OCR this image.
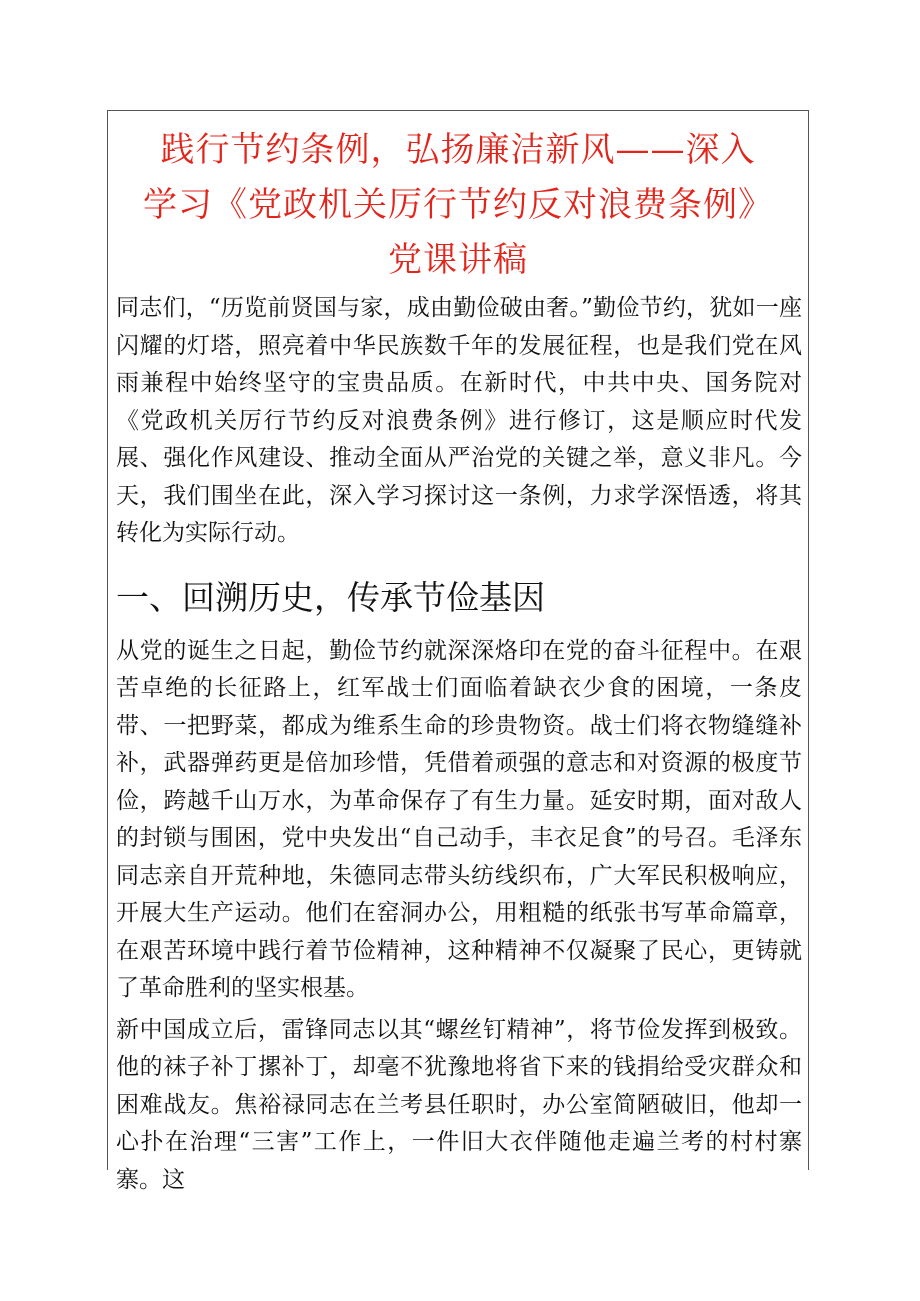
践行节约条例，弘扬廉洁新风——深入
学习《党政机关厉行节约反对浪费条例》
党课讲稿

同志们，“历览前贤国与家，成由勤俭破由奢。”勤俭节约，犹如一座闪耀的灯塔，照亮着中华民族数千年的发展征程，也是我们党在风雨兼程中始终坚守的宝贵品质。在新时代，中共中央、国务院对《党政机关厉行节约反对浪费条例》进行修订，这是顺应时代发展、强化作风建设、推动全面从严治党的关键之举，意义非凡。今天，我们围坐在此，深入学习探讨这一条例，力求学深悟透，将其转化为实际行动。

一、回溯历史，传承节俭基因

从党的诞生之日起，勤俭节约就深深烙印在党的奋斗征程中。在艰苦卓绝的长征路上，红军战士们面临着缺衣少食的困境，一条皮带、一把野菜，都成为维系生命的珍贵物资。战士们将衣物缝缝补补，武器弹药更是倍加珍惜，凭借着顽强的意志和对资源的极度节俭，跨越千山万水，为革命保存了有生力量。延安时期，面对敌人的封锁与围困，党中央发出“自己动手，丰衣足食”的号召。毛泽东同志亲自开荒种地，朱德同志带头纺线织布，广大军民积极响应，开展大生产运动。他们在窑洞办公，用粗糙的纸张书写革命篇章，在艰苦环境中践行着节俭精神，这种精神不仅凝聚了民心，更铸就了革命胜利的坚实根基。

新中国成立后，雷锋同志以其“螺丝钉精神”，将节俭发挥到极致。他的袜子补丁摞补丁，却毫不犹豫地将省下来的钱捐给受灾群众和困难战友。焦裕禄同志在兰考县任职时，办公室简陋破旧，他却一心扑在治理“三害”工作上，一件旧大衣伴随他走遍兰考的村村寨寨。这
